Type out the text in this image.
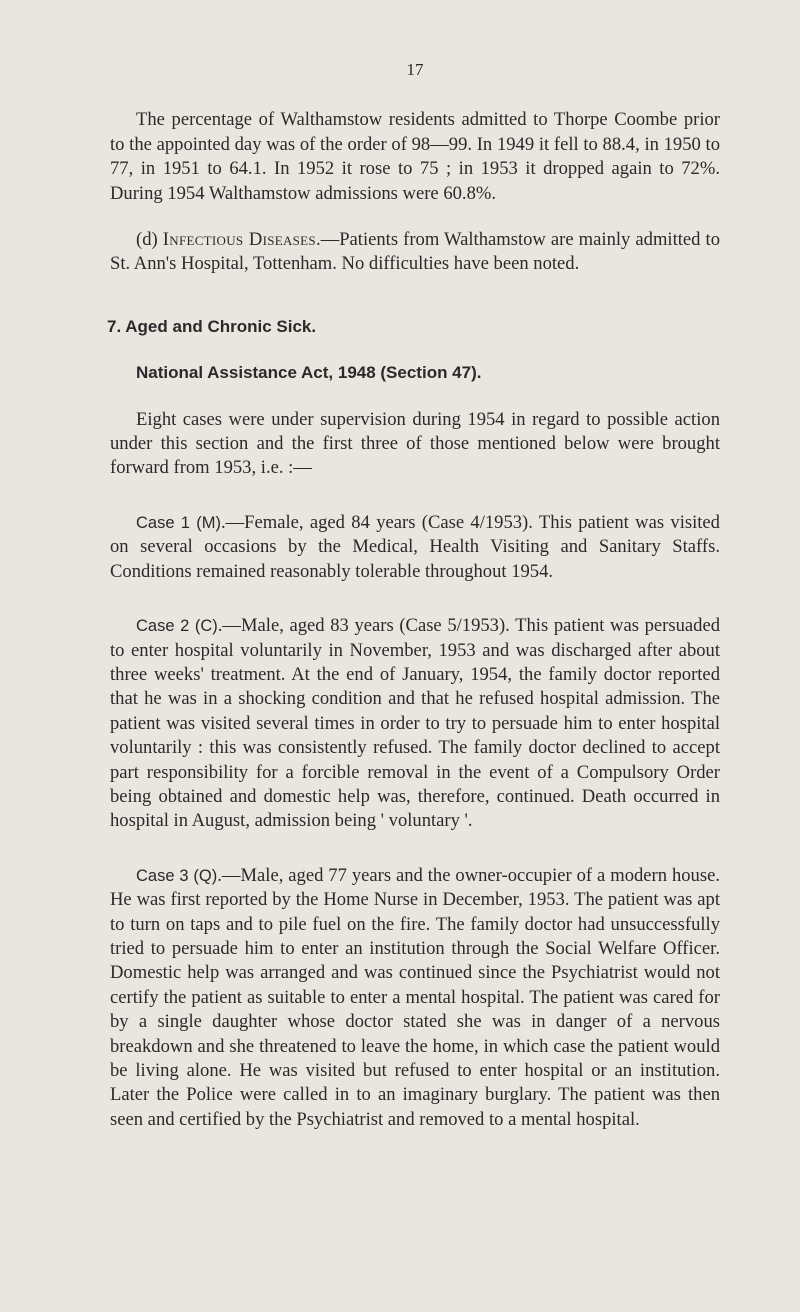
17

The percentage of Walthamstow residents admitted to Thorpe Coombe prior to the appointed day was of the order of 98—99. In 1949 it fell to 88.4, in 1950 to 77, in 1951 to 64.1. In 1952 it rose to 75 ; in 1953 it dropped again to 72%. During 1954 Walthamstow admissions were 60.8%.

(d) Infectious Diseases.—Patients from Walthamstow are mainly admitted to St. Ann's Hospital, Tottenham. No difficulties have been noted.

7. Aged and Chronic Sick.

National Assistance Act, 1948 (Section 47).

Eight cases were under supervision during 1954 in regard to possible action under this section and the first three of those mentioned below were brought forward from 1953, i.e. :—

Case 1 (M).—Female, aged 84 years (Case 4/1953). This patient was visited on several occasions by the Medical, Health Visiting and Sanitary Staffs. Conditions remained reasonably tolerable throughout 1954.

Case 2 (C).—Male, aged 83 years (Case 5/1953). This patient was persuaded to enter hospital voluntarily in November, 1953 and was discharged after about three weeks' treatment. At the end of January, 1954, the family doctor reported that he was in a shocking condition and that he refused hospital admission. The patient was visited several times in order to try to persuade him to enter hospital voluntarily : this was consistently refused. The family doctor declined to accept part responsibility for a forcible removal in the event of a Compulsory Order being obtained and domestic help was, therefore, continued. Death occurred in hospital in August, admission being ' voluntary '.

Case 3 (Q).—Male, aged 77 years and the owner-occupier of a modern house. He was first reported by the Home Nurse in December, 1953. The patient was apt to turn on taps and to pile fuel on the fire. The family doctor had unsuccessfully tried to persuade him to enter an institution through the Social Welfare Officer. Domestic help was arranged and was continued since the Psychiatrist would not certify the patient as suitable to enter a mental hospital. The patient was cared for by a single daughter whose doctor stated she was in danger of a nervous breakdown and she threatened to leave the home, in which case the patient would be living alone. He was visited but refused to enter hospital or an institution. Later the Police were called in to an imaginary burglary. The patient was then seen and certified by the Psychiatrist and removed to a mental hospital.
